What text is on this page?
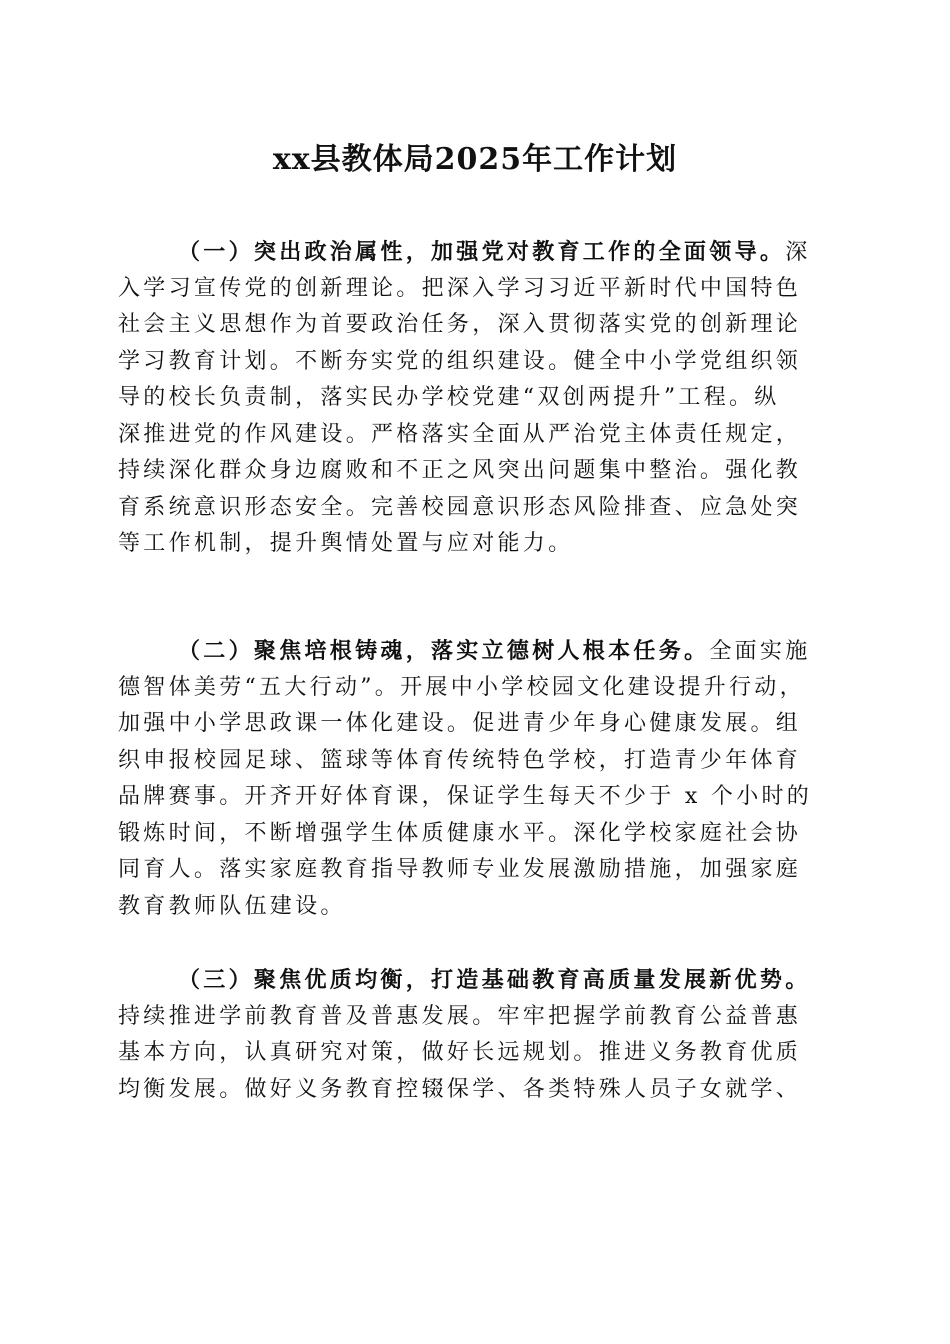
xx县教体局2025年工作计划
（一）突出政治属性，加强党对教育工作的全面领导。深
入学习宣传党的创新理论。把深入学习习近平新时代中国特色
社会主义思想作为首要政治任务，深入贯彻落实党的创新理论
学习教育计划。不断夯实党的组织建设。健全中小学党组织领
导的校长负责制，落实民办学校党建“双创两提升”工程。纵
深推进党的作风建设。严格落实全面从严治党主体责任规定，
持续深化群众身边腐败和不正之风突出问题集中整治。强化教
育系统意识形态安全。完善校园意识形态风险排查、应急处突
等工作机制，提升舆情处置与应对能力。
（二）聚焦培根铸魂，落实立德树人根本任务。全面实施
德智体美劳“五大行动”。开展中小学校园文化建设提升行动，
加强中小学思政课一体化建设。促进青少年身心健康发展。组
织申报校园足球、篮球等体育传统特色学校，打造青少年体育
品牌赛事。开齐开好体育课，保证学生每天不少于 x 个小时的
锻炼时间，不断增强学生体质健康水平。深化学校家庭社会协
同育人。落实家庭教育指导教师专业发展激励措施，加强家庭
教育教师队伍建设。
（三）聚焦优质均衡，打造基础教育高质量发展新优势。
持续推进学前教育普及普惠发展。牢牢把握学前教育公益普惠
基本方向，认真研究对策，做好长远规划。推进义务教育优质
均衡发展。做好义务教育控辍保学、各类特殊人员子女就学、
